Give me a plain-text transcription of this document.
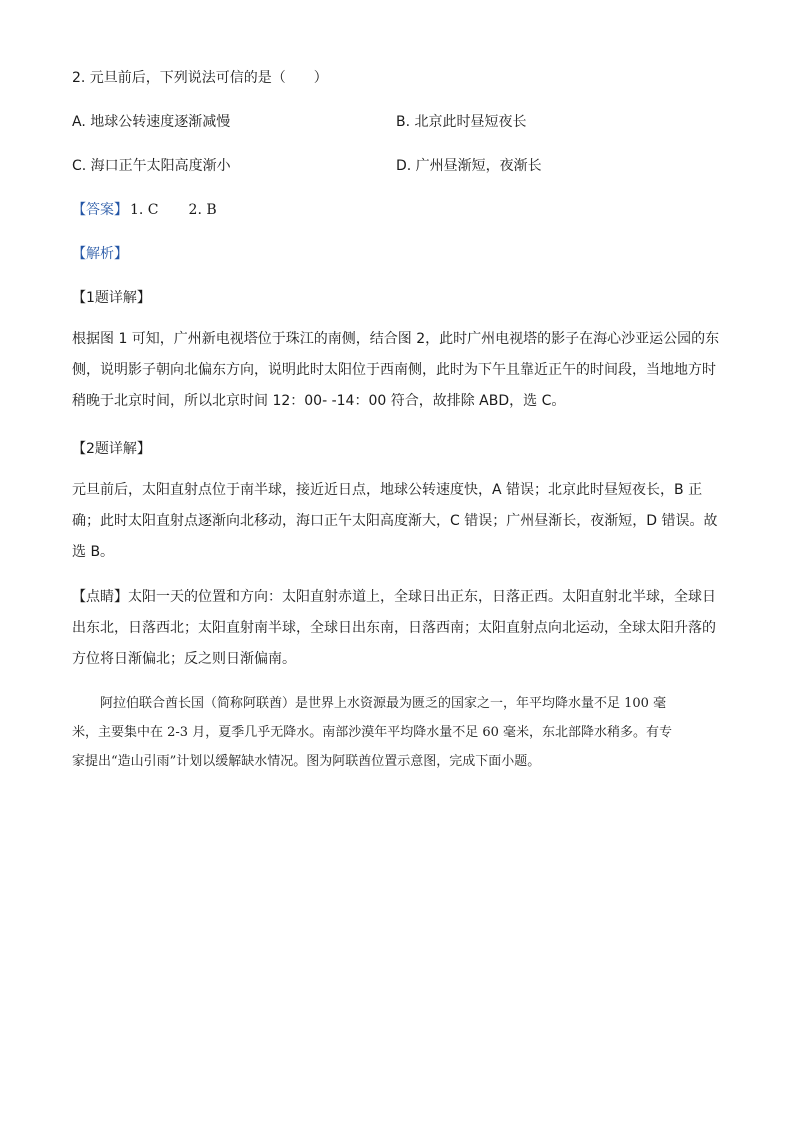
2. 元旦前后，下列说法可信的是（　　）
A. 地球公转速度逐渐减慢	B. 北京此时昼短夜长
C. 海口正午太阳高度渐小	D. 广州昼渐短，夜渐长
【答案】 1. C 2. B
【解析】
【1题详解】
根据图 1 可知，广州新电视塔位于珠江的南侧，结合图 2，此时广州电视塔的影子在海心沙亚运公园的东
侧，说明影子朝向北偏东方向，说明此时太阳位于西南侧，此时为下午且靠近正午的时间段，当地地方时
稍晚于北京时间，所以北京时间 12：00- -14：00 符合，故排除 ABD，选 C。
【2题详解】
元旦前后，太阳直射点位于南半球，接近近日点，地球公转速度快，A 错误；北京此时昼短夜长，B 正
确；此时太阳直射点逐渐向北移动，海口正午太阳高度渐大，C 错误；广州昼渐长，夜渐短，D 错误。故
选 B。
【点睛】太阳一天的位置和方向：太阳直射赤道上，全球日出正东，日落正西。太阳直射北半球，全球日
出东北，日落西北；太阳直射南半球，全球日出东南，日落西南；太阳直射点向北运动，全球太阳升落的
方位将日渐偏北；反之则日渐偏南。
阿拉伯联合酋长国（简称阿联酋）是世界上水资源最为匮乏的国家之一，年平均降水量不足 100 毫
米，主要集中在 2-3 月，夏季几乎无降水。南部沙漠年平均降水量不足 60 毫米，东北部降水稍多。有专
家提出“造山引雨”计划以缓解缺水情况。图为阿联酋位置示意图，完成下面小题。
